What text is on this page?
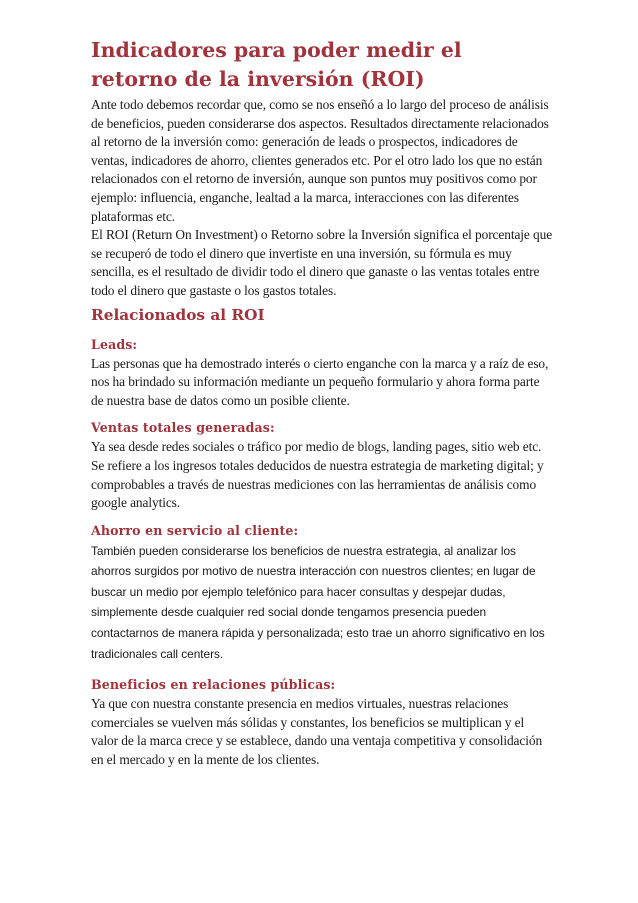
Indicadores para poder medir el retorno de la inversión (ROI)

Ante todo debemos recordar que, como se nos enseñó a lo largo del proceso de análisis de beneficios, pueden considerarse dos aspectos. Resultados directamente relacionados al retorno de la inversión como: generación de leads o prospectos, indicadores de ventas, indicadores de ahorro, clientes generados etc. Por el otro lado los que no están relacionados con el retorno de inversión, aunque son puntos muy positivos como por ejemplo: influencia, enganche, lealtad a la marca, interacciones con las diferentes plataformas etc.

El ROI (Return On Investment) o Retorno sobre la Inversión significa el porcentaje que se recuperó de todo el dinero que invertiste en una inversión, su fórmula es muy sencilla, es el resultado de dividir todo el dinero que ganaste o las ventas totales entre todo el dinero que gastaste o los gastos totales.

Relacionados al ROI
Leads:

Las personas que ha demostrado interés o cierto enganche con la marca y a raíz de eso, nos ha brindado su información mediante un pequeño formulario y ahora forma parte de nuestra base de datos como un posible cliente.

Ventas totales generadas:

Ya sea desde redes sociales o tráfico por medio de blogs, landing pages, sitio web etc. Se refiere a los ingresos totales deducidos de nuestra estrategia de marketing digital; y comprobables a través de nuestras mediciones con las herramientas de análisis como google analytics.

Ahorro en servicio al cliente:

También pueden considerarse los beneficios de nuestra estrategia, al analizar los ahorros surgidos por motivo de nuestra interacción con nuestros clientes; en lugar de buscar un medio por ejemplo telefónico para hacer consultas y despejar dudas, simplemente desde cualquier red social donde tengamos presencia pueden contactarnos de manera rápida y personalizada; esto trae un ahorro significativo en los tradicionales call centers.

Beneficios en relaciones públicas:

Ya que con nuestra constante presencia en medios virtuales, nuestras relaciones comerciales se vuelven más sólidas y constantes, los beneficios se multiplican y el valor de la marca crece y se establece, dando una ventaja competitiva y consolidación en el mercado y en la mente de los clientes.
